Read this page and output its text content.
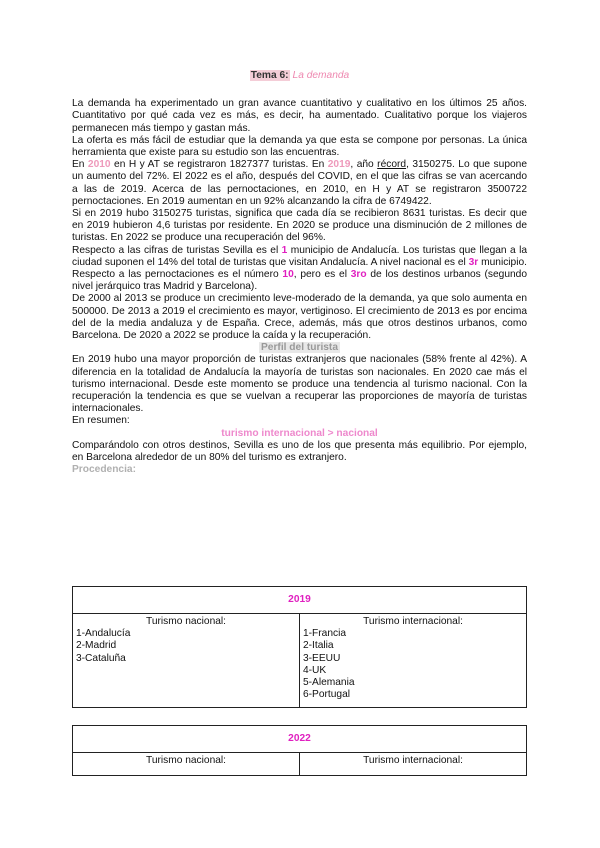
Tema 6: La demanda

La demanda ha experimentado un gran avance cuantitativo y cualitativo en los últimos 25 años. Cuantitativo por qué cada vez es más, es decir, ha aumentado. Cualitativo porque los viajeros permanecen más tiempo y gastan más.

La oferta es más fácil de estudiar que la demanda ya que esta se compone por personas. La única herramienta que existe para su estudio son las encuentras.

En 2010 en H y AT se registraron 1827377 turistas. En 2019, año récord, 3150275. Lo que supone un aumento del 72%. El 2022 es el año, después del COVID, en el que las cifras se van acercando a las de 2019. Acerca de las pernoctaciones, en 2010, en H y AT se registraron 3500722 pernoctaciones. En 2019 aumentan en un 92% alcanzando la cifra de 6749422.

Si en 2019 hubo 3150275 turistas, significa que cada día se recibieron 8631 turistas. Es decir que en 2019 hubieron 4,6 turistas por residente. En 2020 se produce una disminución de 2 millones de turistas. En 2022 se produce una recuperación del 96%.

Respecto a las cifras de turistas Sevilla es el 1 municipio de Andalucía. Los turistas que llegan a la ciudad suponen el 14% del total de turistas que visitan Andalucía. A nivel nacional es el 3r municipio. Respecto a las pernoctaciones es el número 10, pero es el 3ro de los destinos urbanos (segundo nivel jerárquico tras Madrid y Barcelona).

De 2000 al 2013 se produce un crecimiento leve-moderado de la demanda, ya que solo aumenta en 500000. De 2013 a 2019 el crecimiento es mayor, vertiginoso. El crecimiento de 2013 es por encima del de la media andaluza y de España. Crece, además, más que otros destinos urbanos, como Barcelona. De 2020 a 2022 se produce la caída y la recuperación.

Perfil del turista

En 2019 hubo una mayor proporción de turistas extranjeros que nacionales (58% frente al 42%). A diferencia en la totalidad de Andalucía la mayoría de turistas son nacionales. En 2020 cae más el turismo internacional. Desde este momento se produce una tendencia al turismo nacional. Con la recuperación la tendencia es que se vuelvan a recuperar las proporciones de mayoría de turistas internacionales.

En resumen:
turismo internacional > nacional

Comparándolo con otros destinos, Sevilla es uno de los que presenta más equilibrio. Por ejemplo, en Barcelona alrededor de un 80% del turismo es extranjero.

Procedencia:
2019

Turismo nacional:
1-Andalucía
2-Madrid
3-Cataluña

Turismo internacional:
1-Francia
2-Italia
3-EEUU
4-UK
5-Alemania
6-Portugal
2022

Turismo nacional:	Turismo internacional:
